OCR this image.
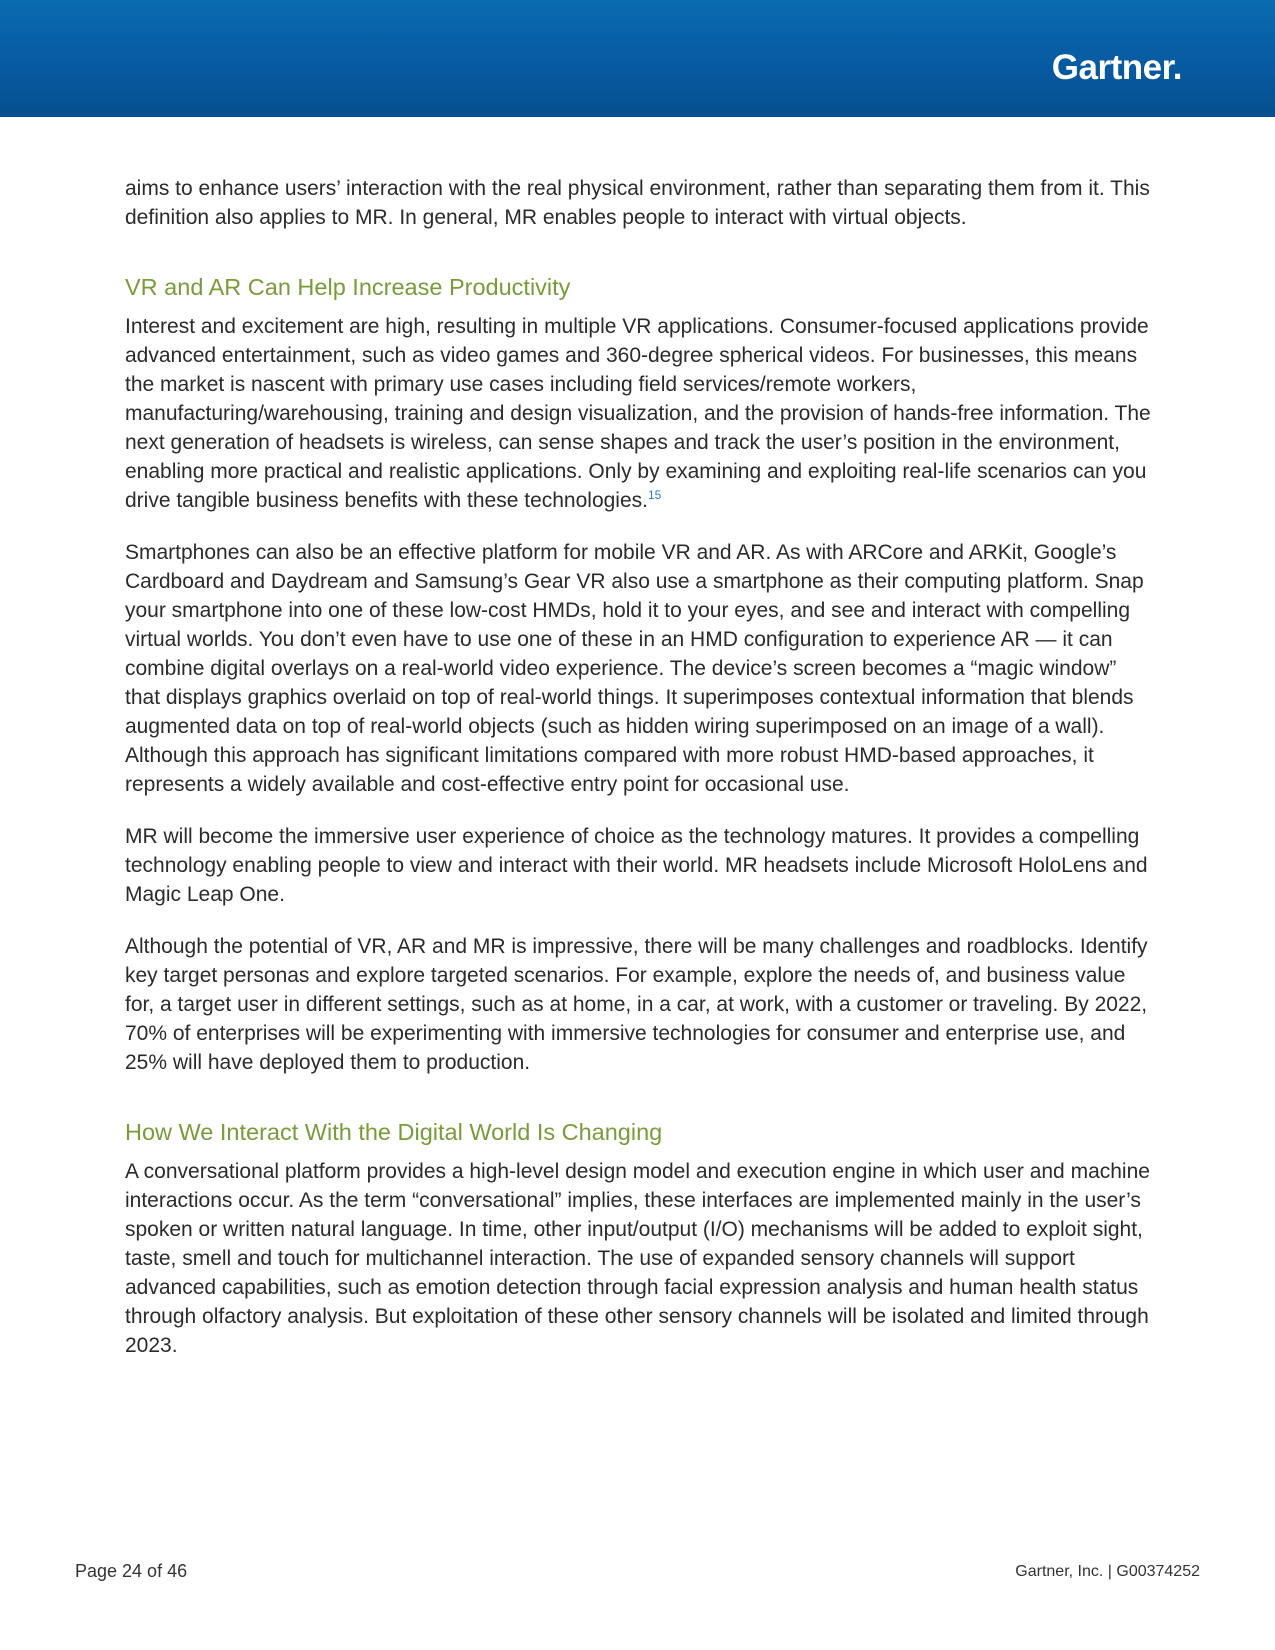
Gartner.

aims to enhance users’ interaction with the real physical environment, rather than separating them from it. This definition also applies to MR. In general, MR enables people to interact with virtual objects.

VR and AR Can Help Increase Productivity

Interest and excitement are high, resulting in multiple VR applications. Consumer-focused applications provide advanced entertainment, such as video games and 360-degree spherical videos. For businesses, this means the market is nascent with primary use cases including field services/remote workers, manufacturing/warehousing, training and design visualization, and the provision of hands-free information. The next generation of headsets is wireless, can sense shapes and track the user’s position in the environment, enabling more practical and realistic applications. Only by examining and exploiting real-life scenarios can you drive tangible business benefits with these technologies.$^{15}$

Smartphones can also be an effective platform for mobile VR and AR. As with ARCore and ARKit, Google’s Cardboard and Daydream and Samsung’s Gear VR also use a smartphone as their computing platform. Snap your smartphone into one of these low-cost HMDs, hold it to your eyes, and see and interact with compelling virtual worlds. You don’t even have to use one of these in an HMD configuration to experience AR — it can combine digital overlays on a real-world video experience. The device’s screen becomes a “magic window” that displays graphics overlaid on top of real-world things. It superimposes contextual information that blends augmented data on top of real-world objects (such as hidden wiring superimposed on an image of a wall). Although this approach has significant limitations compared with more robust HMD-based approaches, it represents a widely available and cost-effective entry point for occasional use.

MR will become the immersive user experience of choice as the technology matures. It provides a compelling technology enabling people to view and interact with their world. MR headsets include Microsoft HoloLens and Magic Leap One.

Although the potential of VR, AR and MR is impressive, there will be many challenges and roadblocks. Identify key target personas and explore targeted scenarios. For example, explore the needs of, and business value for, a target user in different settings, such as at home, in a car, at work, with a customer or traveling. By 2022, 70% of enterprises will be experimenting with immersive technologies for consumer and enterprise use, and 25% will have deployed them to production.

How We Interact With the Digital World Is Changing

A conversational platform provides a high-level design model and execution engine in which user and machine interactions occur. As the term “conversational” implies, these interfaces are implemented mainly in the user’s spoken or written natural language. In time, other input/output (I/O) mechanisms will be added to exploit sight, taste, smell and touch for multichannel interaction. The use of expanded sensory channels will support advanced capabilities, such as emotion detection through facial expression analysis and human health status through olfactory analysis. But exploitation of these other sensory channels will be isolated and limited through 2023.

Page 24 of 46	Gartner, Inc. | G00374252
